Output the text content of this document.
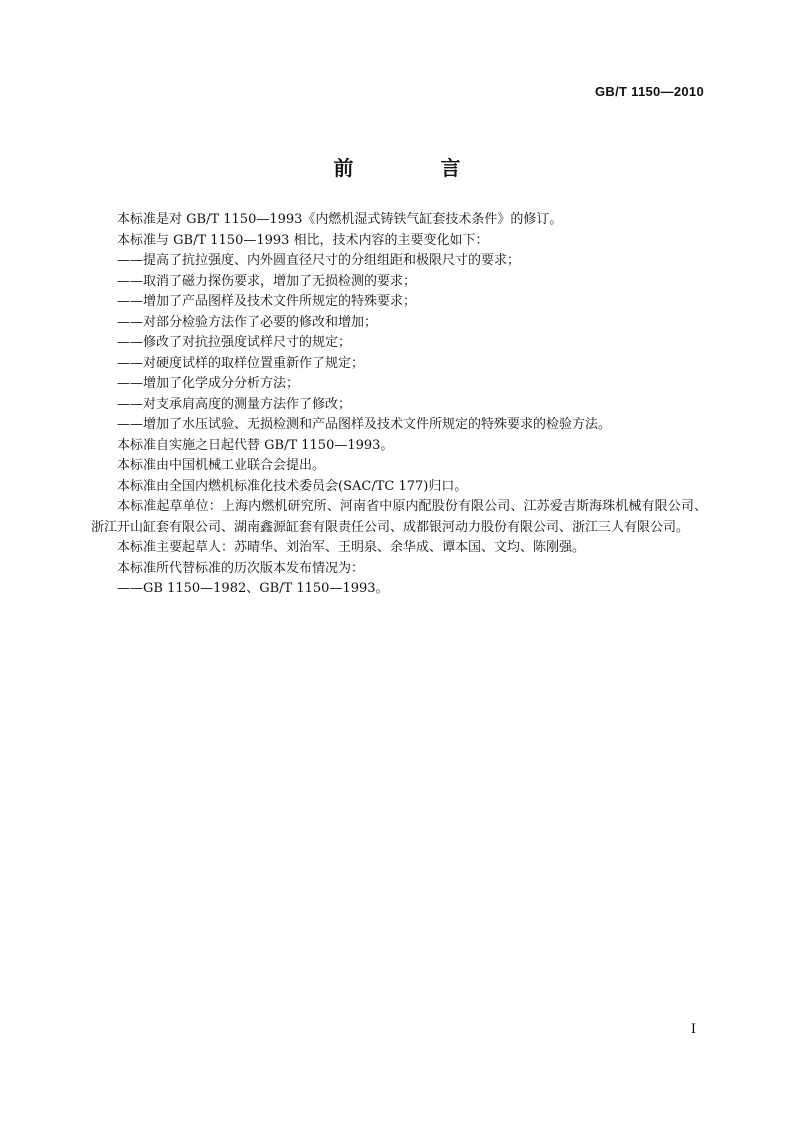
GB/T 1150—2010
前 言

本标准是对 GB/T 1150—1993《内燃机湿式铸铁气缸套技术条件》的修订。

本标准与 GB/T 1150—1993 相比，技术内容的主要变化如下：

——提高了抗拉强度、内外圆直径尺寸的分组组距和极限尺寸的要求；

——取消了磁力探伤要求，增加了无损检测的要求；

——增加了产品图样及技术文件所规定的特殊要求；

——对部分检验方法作了必要的修改和增加；

——修改了对抗拉强度试样尺寸的规定；

——对硬度试样的取样位置重新作了规定；

——增加了化学成分分析方法；

——对支承肩高度的测量方法作了修改；

——增加了水压试验、无损检测和产品图样及技术文件所规定的特殊要求的检验方法。

本标准自实施之日起代替 GB/T 1150—1993。

本标准由中国机械工业联合会提出。

本标准由全国内燃机标准化技术委员会(SAC/TC 177)归口。

本标准起草单位：上海内燃机研究所、河南省中原内配股份有限公司、江苏爱吉斯海珠机械有限公司、浙江开山缸套有限公司、湖南鑫源缸套有限责任公司、成都银河动力股份有限公司、浙江三人有限公司。

本标准主要起草人：苏晴华、刘治军、王明泉、余华成、谭本国、文均、陈刚强。

本标准所代替标准的历次版本发布情况为：

——GB 1150—1982、GB/T 1150—1993。

I
